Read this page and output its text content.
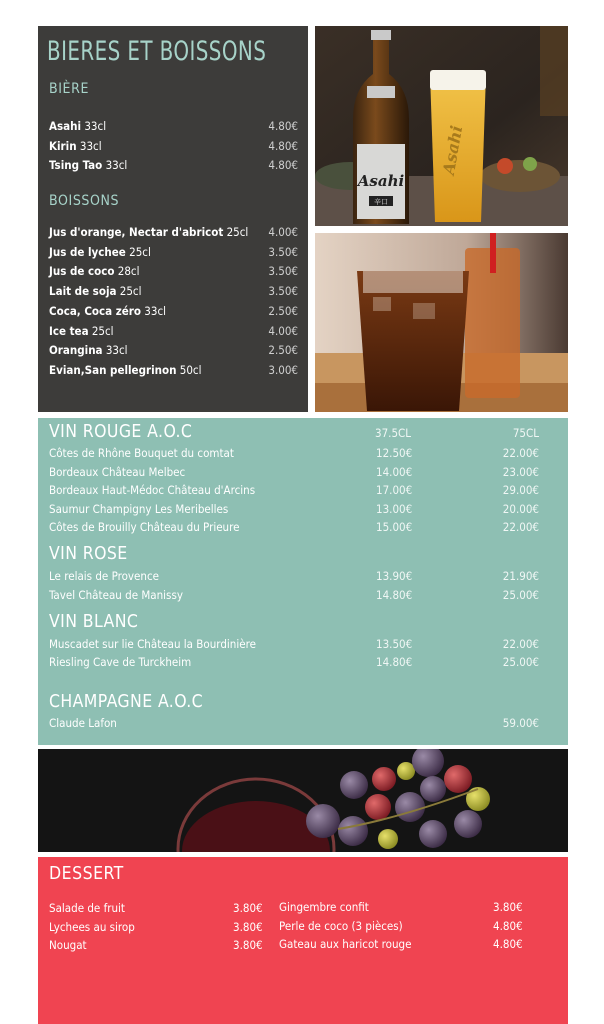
BIERES ET BOISSONS
BIÈRE
Asahi 33cl	4.80€
Kirin 33cl	4.80€
Tsing Tao 33cl	4.80€
BOISSONS
Jus d'orange, Nectar d'abricot 25cl 4.00€
Jus de lychee 25cl	3.50€
Jus de coco 28cl	3.50€
Lait de soja 25cl	3.50€
Coca, Coca zéro 33cl	2.50€
Ice tea 25cl	4.00€
Orangina 33cl	2.50€
Evian,San pellegrinon 50cl	3.00€
Asahi
辛口
Asahi
VIN ROUGE A.O.C	37.5CL	75CL
Côtes de Rhône Bouquet du comtat	12.50€	22.00€
Bordeaux Château Melbec	14.00€	23.00€
Bordeaux Haut-Médoc Château d'Arcins	17.00€	29.00€
Saumur Champigny Les Meribelles	13.00€	20.00€
Côtes de Brouilly Château du Prieure	15.00€	22.00€
VIN ROSE
Le relais de Provence	13.90€	21.90€
Tavel Château de Manissy	14.80€	25.00€
VIN BLANC
Muscadet sur lie Château la Bourdinière	13.50€	22.00€
Riesling Cave de Turckheim	14.80€	25.00€
CHAMPAGNE A.O.C
Claude Lafon	59.00€
DESSERT
Salade de fruit	3.80€
Lychees au sirop	3.80€
Nougat	3.80€
Gingembre confit	3.80€
Perle de coco (3 pièces)	4.80€
Gateau aux haricot rouge	4.80€
